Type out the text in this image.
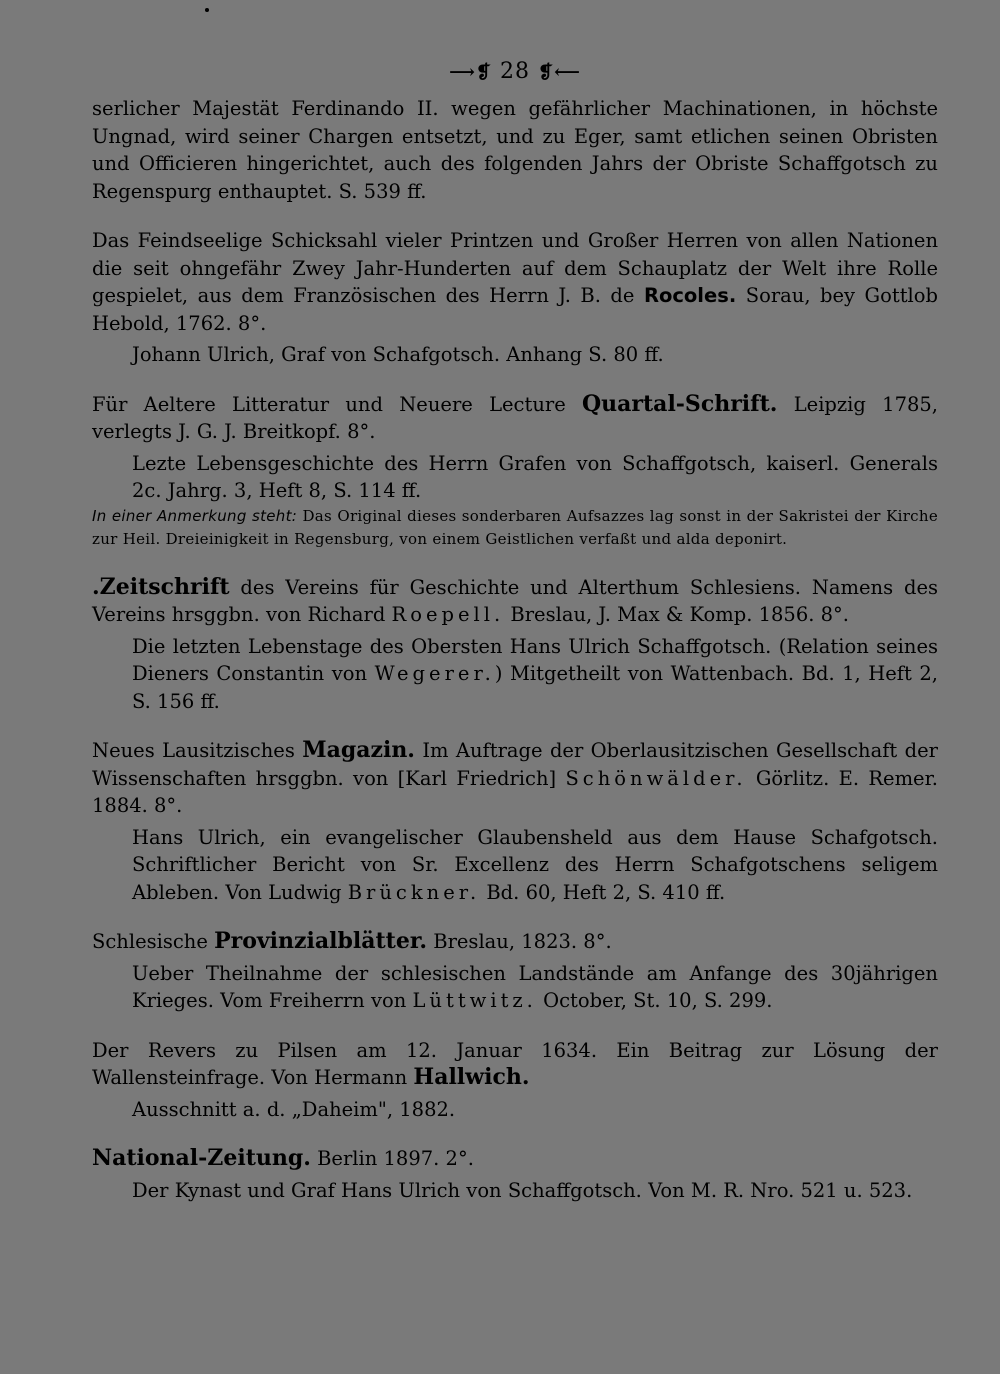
⟶❡ 28 ❡⟵

serlicher Majestät Ferdinando II. wegen gefährlicher Machinationen, in höchste Ungnad, wird seiner Chargen entsetzt, und zu Eger, samt etlichen seinen Obristen und Officieren hingerichtet, auch des folgenden Jahrs der Obriste Schaffgotsch zu Regenspurg enthauptet. S. 539 ff.

Das Feindseelige Schicksahl vieler Printzen und Großer Herren von allen Nationen die seit ohngefähr Zwey Jahr-Hunderten auf dem Schauplatz der Welt ihre Rolle gespielet, aus dem Französischen des Herrn J. B. de Rocoles. Sorau, bey Gottlob Hebold, 1762. 8°.

Johann Ulrich, Graf von Schafgotsch. Anhang S. 80 ff.

Für Aeltere Litteratur und Neuere Lecture Quartal-Schrift. Leipzig 1785, verlegts J. G. J. Breitkopf. 8°.

Lezte Lebensgeschichte des Herrn Grafen von Schaffgotsch, kaiserl. Generals 2c. Jahrg. 3, Heft 8, S. 114 ff.

In einer Anmerkung steht: Das Original dieses sonderbaren Aufsazzes lag sonst in der Sakristei der Kirche zur Heil. Dreieinigkeit in Regensburg, von einem Geistlichen verfaßt und alda deponirt.

.Zeitschrift des Vereins für Geschichte und Alterthum Schlesiens. Namens des Vereins hrsggbn. von Richard Roepell. Breslau, J. Max & Komp. 1856. 8°.

Die letzten Lebenstage des Obersten Hans Ulrich Schaffgotsch. (Relation seines Dieners Constantin von Wegerer.) Mitgetheilt von Wattenbach. Bd. 1, Heft 2, S. 156 ff.

Neues Lausitzisches Magazin. Im Auftrage der Oberlausitzischen Gesellschaft der Wissenschaften hrsggbn. von [Karl Friedrich] Schönwälder. Görlitz. E. Remer. 1884. 8°.

Hans Ulrich, ein evangelischer Glaubensheld aus dem Hause Schafgotsch. Schriftlicher Bericht von Sr. Excellenz des Herrn Schafgotschens seligem Ableben. Von Ludwig Brückner. Bd. 60, Heft 2, S. 410 ff.

Schlesische Provinzialblätter. Breslau, 1823. 8°.

Ueber Theilnahme der schlesischen Landstände am Anfange des 30jährigen Krieges. Vom Freiherrn von Lüttwitz. October, St. 10, S. 299.

Der Revers zu Pilsen am 12. Januar 1634. Ein Beitrag zur Lösung der Wallensteinfrage. Von Hermann Hallwich.

Ausschnitt a. d. „Daheim", 1882.

National-Zeitung. Berlin 1897. 2°.

Der Kynast und Graf Hans Ulrich von Schaffgotsch. Von M. R. Nro. 521 u. 523.
